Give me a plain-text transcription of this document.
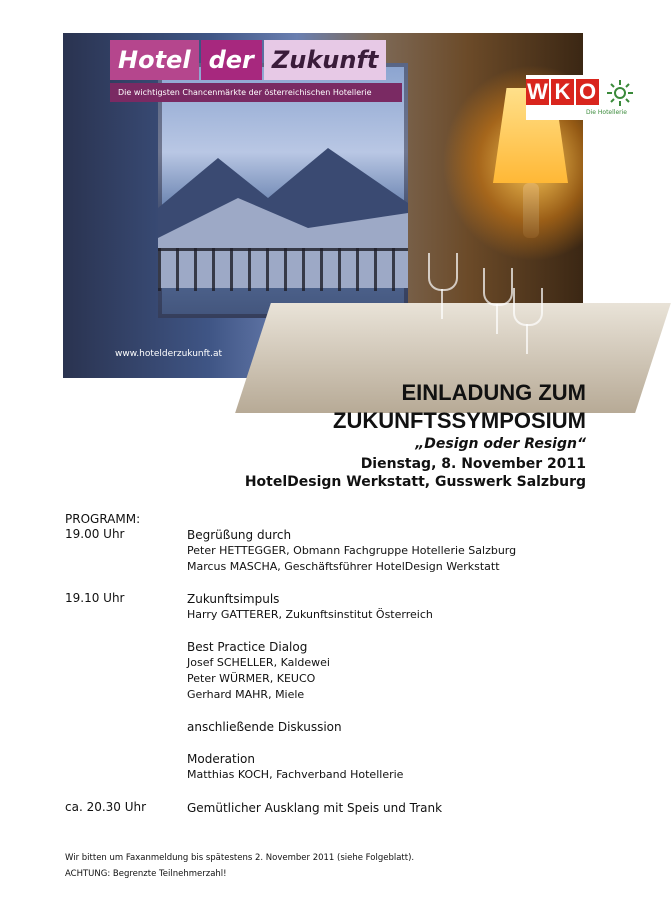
Hotel der Zukunft
Die wichtigsten Chancenmärkte der österreichischen Hotellerie	W K O
Die Hotellerie
www.hotelderzukunft.at
EINLADUNG ZUM
ZUKUNFTSSYMPOSIUM
„Design oder Resign“
Dienstag, 8. November 2011
HotelDesign Werkstatt, Gusswerk Salzburg
PROGRAMM:
19.00 Uhr	Begrüßung durch
Peter HETTEGGER, Obmann Fachgruppe Hotellerie Salzburg
Marcus MASCHA, Geschäftsführer HotelDesign Werkstatt
19.10 Uhr	Zukunftsimpuls
Harry GATTERER, Zukunftsinstitut Österreich
Best Practice Dialog
Josef SCHELLER, Kaldewei
Peter WÜRMER, KEUCO
Gerhard MAHR, Miele
anschließende Diskussion
Moderation
Matthias KOCH, Fachverband Hotellerie
ca. 20.30 Uhr	Gemütlicher Ausklang mit Speis und Trank
Wir bitten um Faxanmeldung bis spätestens 2. November 2011 (siehe Folgeblatt).
ACHTUNG: Begrenzte Teilnehmerzahl!
